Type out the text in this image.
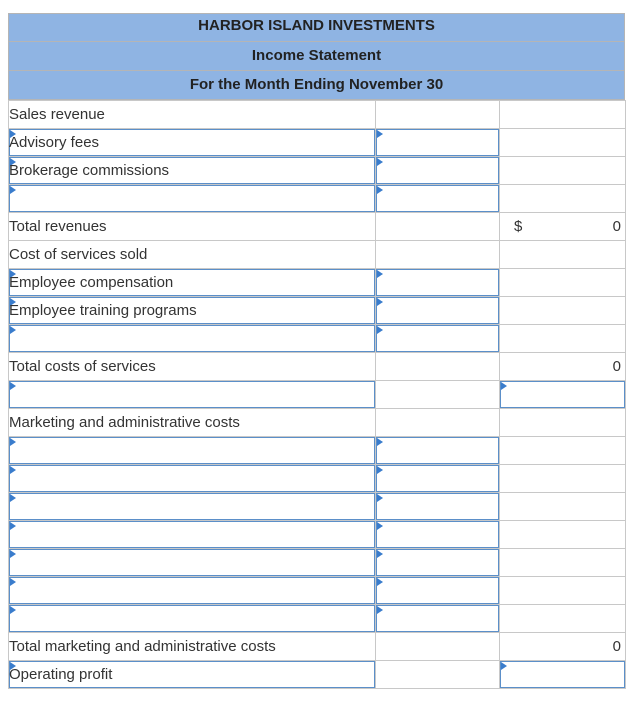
HARBOR ISLAND INVESTMENTS
Income Statement
For the Month Ending November 30
Sales revenue		

Advisory fees	

Brokerage commissions	

Total revenues		$ 0

Cost of services sold		

Employee compensation	

Employee training programs	

Total costs of services		0

Marketing and administrative costs		

Total marketing and administrative costs		0

Operating profit		
